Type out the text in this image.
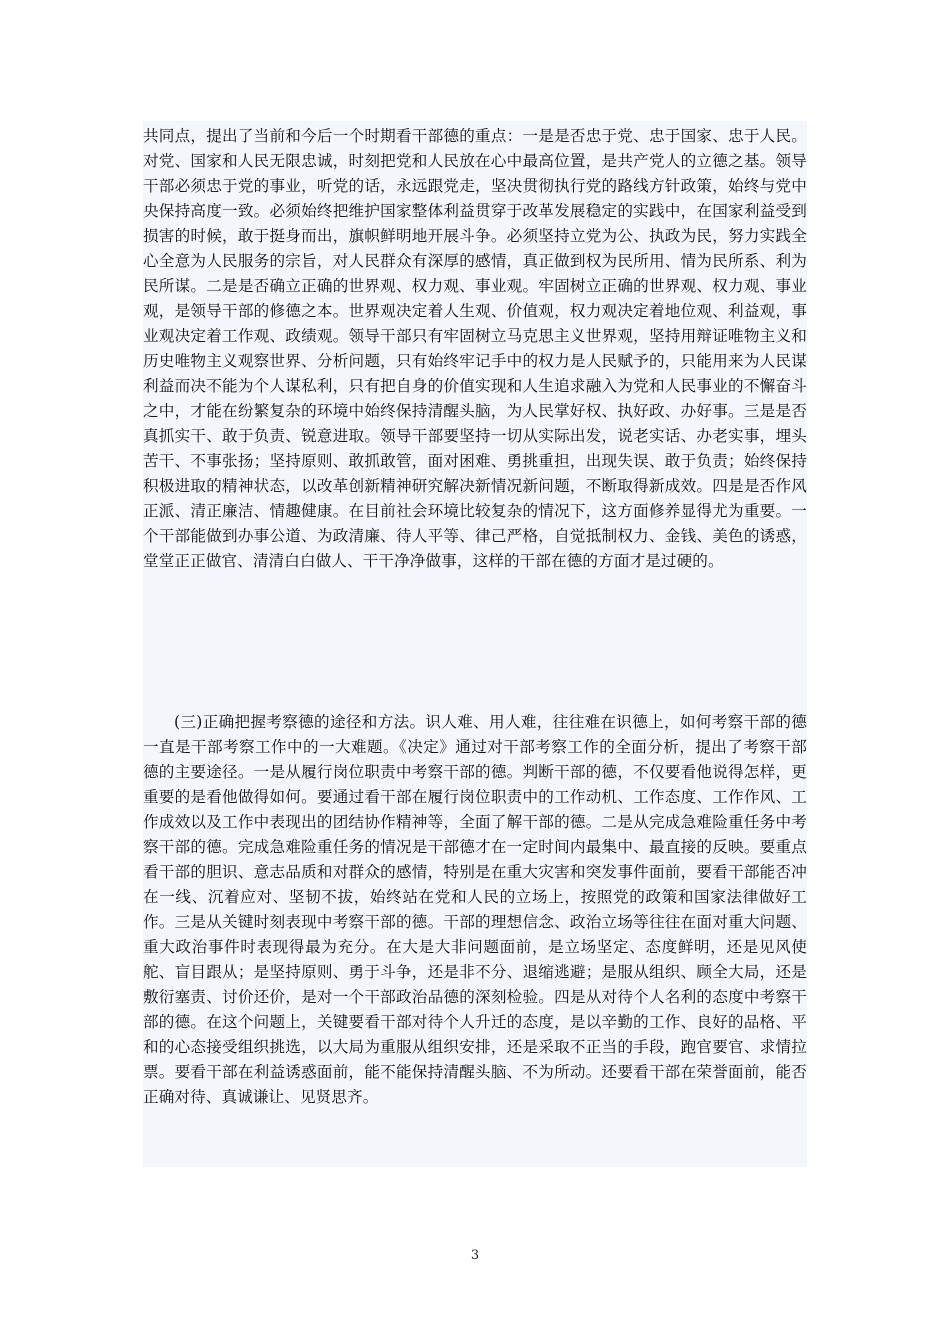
共同点，提出了当前和今后一个时期看干部德的重点：一是是否忠于党、忠于国家、忠于人民。对党、国家和人民无限忠诚，时刻把党和人民放在心中最高位置，是共产党人的立德之基。领导干部必须忠于党的事业，听党的话，永远跟党走，坚决贯彻执行党的路线方针政策，始终与党中央保持高度一致。必须始终把维护国家整体利益贯穿于改革发展稳定的实践中，在国家利益受到损害的时候，敢于挺身而出，旗帜鲜明地开展斗争。必须坚持立党为公、执政为民，努力实践全心全意为人民服务的宗旨，对人民群众有深厚的感情，真正做到权为民所用、情为民所系、利为民所谋。二是是否确立正确的世界观、权力观、事业观。牢固树立正确的世界观、权力观、事业观，是领导干部的修德之本。世界观决定着人生观、价值观，权力观决定着地位观、利益观，事业观决定着工作观、政绩观。领导干部只有牢固树立马克思主义世界观，坚持用辩证唯物主义和历史唯物主义观察世界、分析问题，只有始终牢记手中的权力是人民赋予的，只能用来为人民谋利益而决不能为个人谋私利，只有把自身的价值实现和人生追求融入为党和人民事业的不懈奋斗之中，才能在纷繁复杂的环境中始终保持清醒头脑，为人民掌好权、执好政、办好事。三是是否真抓实干、敢于负责、锐意进取。领导干部要坚持一切从实际出发，说老实话、办老实事，埋头苦干、不事张扬；坚持原则、敢抓敢管，面对困难、勇挑重担，出现失误、敢于负责；始终保持积极进取的精神状态，以改革创新精神研究解决新情况新问题，不断取得新成效。四是是否作风正派、清正廉洁、情趣健康。在目前社会环境比较复杂的情况下，这方面修养显得尤为重要。一个干部能做到办事公道、为政清廉、待人平等、律己严格，自觉抵制权力、金钱、美色的诱惑，堂堂正正做官、清清白白做人、干干净净做事，这样的干部在德的方面才是过硬的。

(三)正确把握考察德的途径和方法。识人难、用人难，往往难在识德上，如何考察干部的德一直是干部考察工作中的一大难题。《决定》通过对干部考察工作的全面分析，提出了考察干部德的主要途径。一是从履行岗位职责中考察干部的德。判断干部的德，不仅要看他说得怎样，更重要的是看他做得如何。要通过看干部在履行岗位职责中的工作动机、工作态度、工作作风、工作成效以及工作中表现出的团结协作精神等，全面了解干部的德。二是从完成急难险重任务中考察干部的德。完成急难险重任务的情况是干部德才在一定时间内最集中、最直接的反映。要重点看干部的胆识、意志品质和对群众的感情，特别是在重大灾害和突发事件面前，要看干部能否冲在一线、沉着应对、坚韧不拔，始终站在党和人民的立场上，按照党的政策和国家法律做好工作。三是从关键时刻表现中考察干部的德。干部的理想信念、政治立场等往往在面对重大问题、重大政治事件时表现得最为充分。在大是大非问题面前，是立场坚定、态度鲜明，还是见风使舵、盲目跟从；是坚持原则、勇于斗争，还是非不分、退缩逃避；是服从组织、顾全大局，还是敷衍塞责、讨价还价，是对一个干部政治品德的深刻检验。四是从对待个人名利的态度中考察干部的德。在这个问题上，关键要看干部对待个人升迁的态度，是以辛勤的工作、良好的品格、平和的心态接受组织挑选，以大局为重服从组织安排，还是采取不正当的手段，跑官要官、求情拉票。要看干部在利益诱惑面前，能不能保持清醒头脑、不为所动。还要看干部在荣誉面前，能否正确对待、真诚谦让、见贤思齐。

3
